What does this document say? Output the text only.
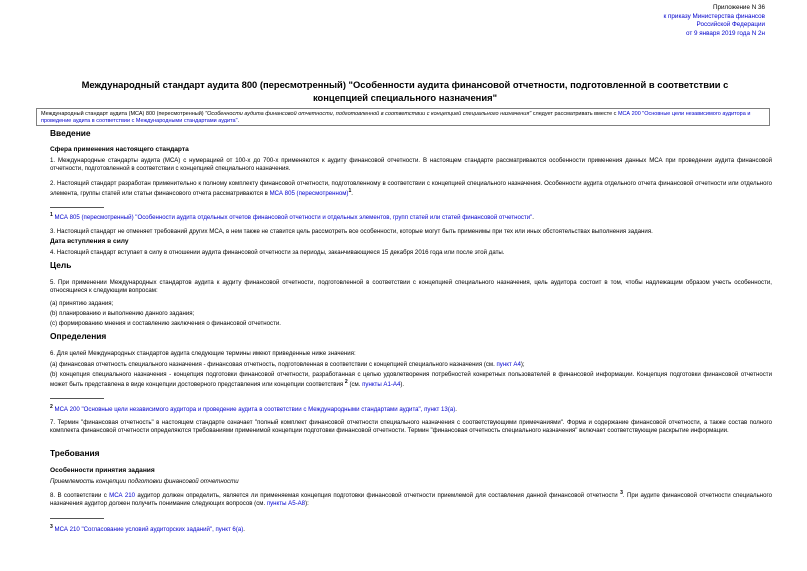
Приложение N 36
к приказу Министерства финансов
Российской Федерации
от 9 января 2019 года N 2н
Международный стандарт аудита 800 (пересмотренный) "Особенности аудита финансовой отчетности, подготовленной в соответствии с концепцией специального назначения"
Международный стандарт аудита (МСА) 800 (пересмотренный) "Особенности аудита финансовой отчетности, подготовленной в соответствии с концепцией специального назначения" следует рассматривать вместе с МСА 200 "Основные цели независимого аудитора и проведение аудита в соответствии с Международными стандартами аудита".
Введение
Сфера применения настоящего стандарта
1. Международные стандарты аудита (МСА) с нумерацией от 100-х до 700-х применяются к аудиту финансовой отчетности. В настоящем стандарте рассматриваются особенности применения данных МСА при проведении аудита финансовой отчетности, подготовленной в соответствии с концепцией специального назначения.
2. Настоящий стандарт разработан применительно к полному комплекту финансовой отчетности, подготовленному в соответствии с концепцией специального назначения. Особенности аудита отдельного отчета финансовой отчетности или отдельного элемента, группы статей или статьи финансового отчета рассматриваются в МСА 805 (пересмотренном)$^1$.
$^1$ МСА 805 (пересмотренный) "Особенности аудита отдельных отчетов финансовой отчетности и отдельных элементов, групп статей или статей финансовой отчетности".
3. Настоящий стандарт не отменяет требований других МСА, в нем также не ставится цель рассмотреть все особенности, которые могут быть применимы при тех или иных обстоятельствах выполнения задания.
Дата вступления в силу
4. Настоящий стандарт вступает в силу в отношении аудита финансовой отчетности за периоды, заканчивающиеся 15 декабря 2016 года или после этой даты.
Цель
5. При применении Международных стандартов аудита к аудиту финансовой отчетности, подготовленной в соответствии с концепцией специального назначения, цель аудитора состоит в том, чтобы надлежащим образом учесть особенности, относящиеся к следующим вопросам:
(a) принятию задания;
(b) планированию и выполнению данного задания;
(c) формированию мнения и составлению заключения о финансовой отчетности.
Определения
6. Для целей Международных стандартов аудита следующие термины имеют приведенные ниже значения:
(a) финансовая отчетность специального назначения - финансовая отчетность, подготовленная в соответствии с концепцией специального назначения (см. пункт A4);
(b) концепция специального назначения - концепция подготовки финансовой отчетности, разработанная с целью удовлетворения потребностей конкретных пользователей в финансовой информации. Концепция подготовки финансовой отчетности может быть представлена в виде концепции достоверного представления или концепции соответствия $^2$ (см. пункты A1-A4).
$^2$ МСА 200 "Основные цели независимого аудитора и проведение аудита в соответствии с Международными стандартами аудита", пункт 13(a).
7. Термин "финансовая отчетность" в настоящем стандарте означает "полный комплект финансовой отчетности специального назначения с соответствующими примечаниями". Форма и содержание финансовой отчетности, а также состав полного комплекта финансовой отчетности определяются требованиями применимой концепции подготовки финансовой отчетности. Термин "финансовая отчетность специального назначения" включает соответствующие раскрытие информации.
Требования
Особенности принятия задания
Приемлемость концепции подготовки финансовой отчетности
8. В соответствии с МСА 210 аудитор должен определить, является ли применяемая концепция подготовки финансовой отчетности приемлемой для составления данной финансовой отчетности $^3$. При аудите финансовой отчетности специального назначения аудитор должен получить понимание следующих вопросов (см. пункты A5-A8):
$^3$ МСА 210 "Согласование условий аудиторских заданий", пункт 6(a).
